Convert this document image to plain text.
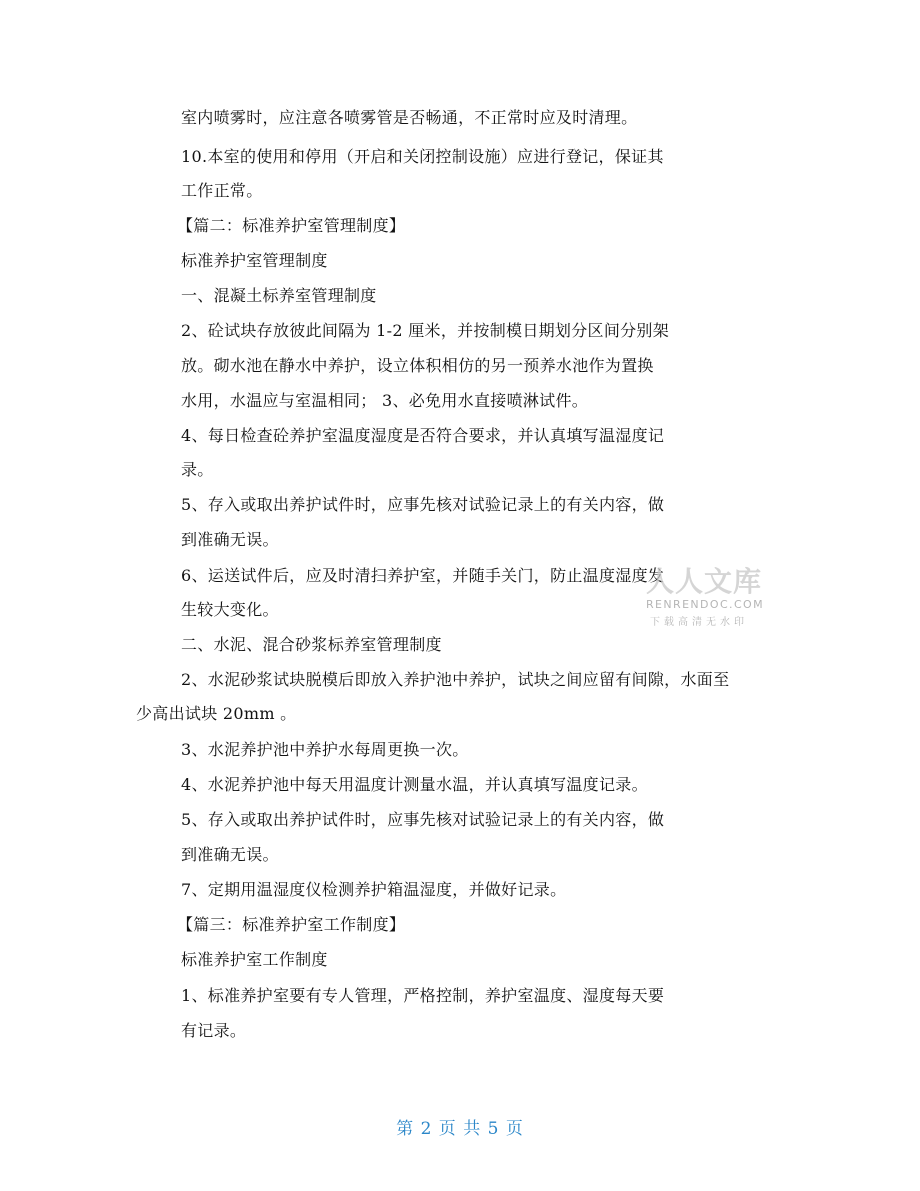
室内喷雾时，应注意各喷雾管是否畅通，不正常时应及时清理。
10.本室的使用和停用（开启和关闭控制设施）应进行登记，保证其
工作正常。
【篇二：标准养护室管理制度】
标准养护室管理制度
一、混凝土标养室管理制度
2、砼试块存放彼此间隔为 1-2 厘米，并按制模日期划分区间分别架
放。砌水池在静水中养护，设立体积相仿的另一预养水池作为置换
水用，水温应与室温相同； 3、必免用水直接喷淋试件。
4、每日检查砼养护室温度湿度是否符合要求，并认真填写温湿度记
录。
5、存入或取出养护试件时，应事先核对试验记录上的有关内容，做
到准确无误。
6、运送试件后，应及时清扫养护室，并随手关门，防止温度湿度发
生较大变化。
二、水泥、混合砂浆标养室管理制度
2、水泥砂浆试块脱模后即放入养护池中养护，试块之间应留有间隙，水面至
少高出试块 20mm 。
3、水泥养护池中养护水每周更换一次。
4、水泥养护池中每天用温度计测量水温，并认真填写温度记录。
5、存入或取出养护试件时，应事先核对试验记录上的有关内容，做
到准确无误。
7、定期用温湿度仪检测养护箱温湿度，并做好记录。
【篇三：标准养护室工作制度】
标准养护室工作制度
1、标准养护室要有专人管理，严格控制，养护室温度、湿度每天要
有记录。
人人文库
RENRENDOC.COM
下载高清无水印
第 2 页 共 5 页
